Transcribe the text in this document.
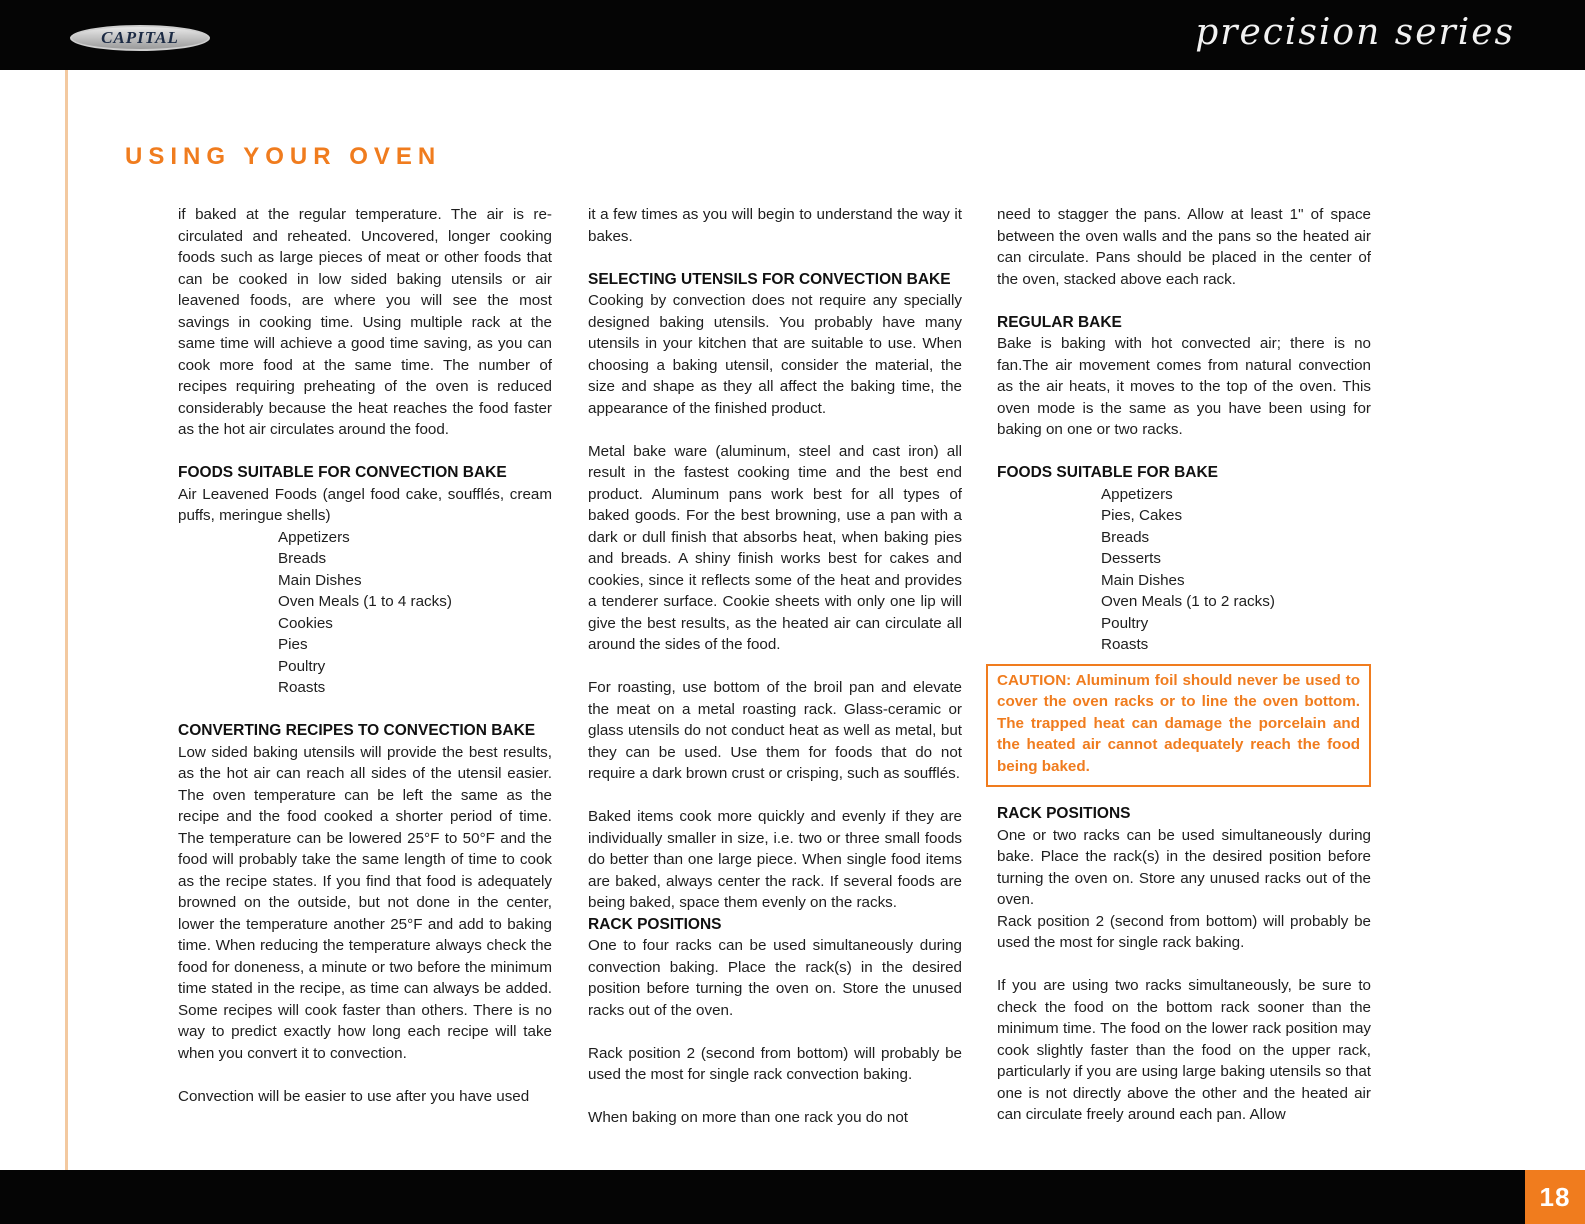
CAPITAL	precision series
USING YOUR OVEN

if baked at the regular temperature. The air is re-circulated and reheated. Uncovered, longer cooking foods such as large pieces of meat or other foods that can be cooked in low sided baking utensils or air leavened foods, are where you will see the most savings in cooking time. Using multiple rack at the same time will achieve a good time saving, as you can cook more food at the same time. The number of recipes requiring preheating of the oven is reduced considerably because the heat reaches the food faster as the hot air circulates around the food.

FOODS SUITABLE FOR CONVECTION BAKE

Air Leavened Foods (angel food cake, soufflés, cream puffs, meringue shells)

Appetizers
Breads
Main Dishes
Oven Meals (1 to 4 racks)
Cookies
Pies
Poultry
Roasts
CONVERTING RECIPES TO CONVECTION BAKE

Low sided baking utensils will provide the best results, as the hot air can reach all sides of the utensil easier. The oven temperature can be left the same as the recipe and the food cooked a shorter period of time. The temperature can be lowered 25°F to 50°F and the food will probably take the same length of time to cook as the recipe states. If you find that food is adequately browned on the outside, but not done in the center, lower the temperature another 25°F and add to baking time. When reducing the temperature always check the food for doneness, a minute or two before the minimum time stated in the recipe, as time can always be added. Some recipes will cook faster than others. There is no way to predict exactly how long each recipe will take when you convert it to convection.

Convection will be easier to use after you have used

it a few times as you will begin to understand the way it bakes.

SELECTING UTENSILS FOR CONVECTION BAKE

Cooking by convection does not require any specially designed baking utensils. You probably have many utensils in your kitchen that are suitable to use. When choosing a baking utensil, consider the material, the size and shape as they all affect the baking time, the appearance of the finished product.

Metal bake ware (aluminum, steel and cast iron) all result in the fastest cooking time and the best end product. Aluminum pans work best for all types of baked goods. For the best browning, use a pan with a dark or dull finish that absorbs heat, when baking pies and breads. A shiny finish works best for cakes and cookies, since it reflects some of the heat and provides a tenderer surface. Cookie sheets with only one lip will give the best results, as the heated air can circulate all around the sides of the food.

For roasting, use bottom of the broil pan and elevate the meat on a metal roasting rack. Glass-ceramic or glass utensils do not conduct heat as well as metal, but they can be used. Use them for foods that do not require a dark brown crust or crisping, such as soufflés.

Baked items cook more quickly and evenly if they are individually smaller in size, i.e. two or three small foods do better than one large piece. When single food items are baked, always center the rack. If several foods are being baked, space them evenly on the racks.

RACK POSITIONS

One to four racks can be used simultaneously during convection baking. Place the rack(s) in the desired position before turning the oven on. Store the unused racks out of the oven.

Rack position 2 (second from bottom) will probably be used the most for single rack convection baking.

When baking on more than one rack you do not

need to stagger the pans. Allow at least 1" of space between the oven walls and the pans so the heated air can circulate. Pans should be placed in the center of the oven, stacked above each rack.

REGULAR BAKE

Bake is baking with hot convected air; there is no fan.The air movement comes from natural convection as the air heats, it moves to the top of the oven. This oven mode is the same as you have been using for baking on one or two racks.

FOODS SUITABLE FOR BAKE
Appetizers
Pies, Cakes
Breads
Desserts
Main Dishes
Oven Meals (1 to 2 racks)
Poultry
Roasts
CAUTION: Aluminum foil should never be used to cover the oven racks or to line the oven bottom. The trapped heat can damage the porcelain and the heated air cannot adequately reach the food being baked.
RACK POSITIONS

One or two racks can be used simultaneously during bake. Place the rack(s) in the desired position before turning the oven on. Store any unused racks out of the oven.

Rack position 2 (second from bottom) will probably be used the most for single rack baking.

If you are using two racks simultaneously, be sure to check the food on the bottom rack sooner than the minimum time. The food on the lower rack position may cook slightly faster than the food on the upper rack, particularly if you are using large baking utensils so that one is not directly above the other and the heated air can circulate freely around each pan. Allow

18
